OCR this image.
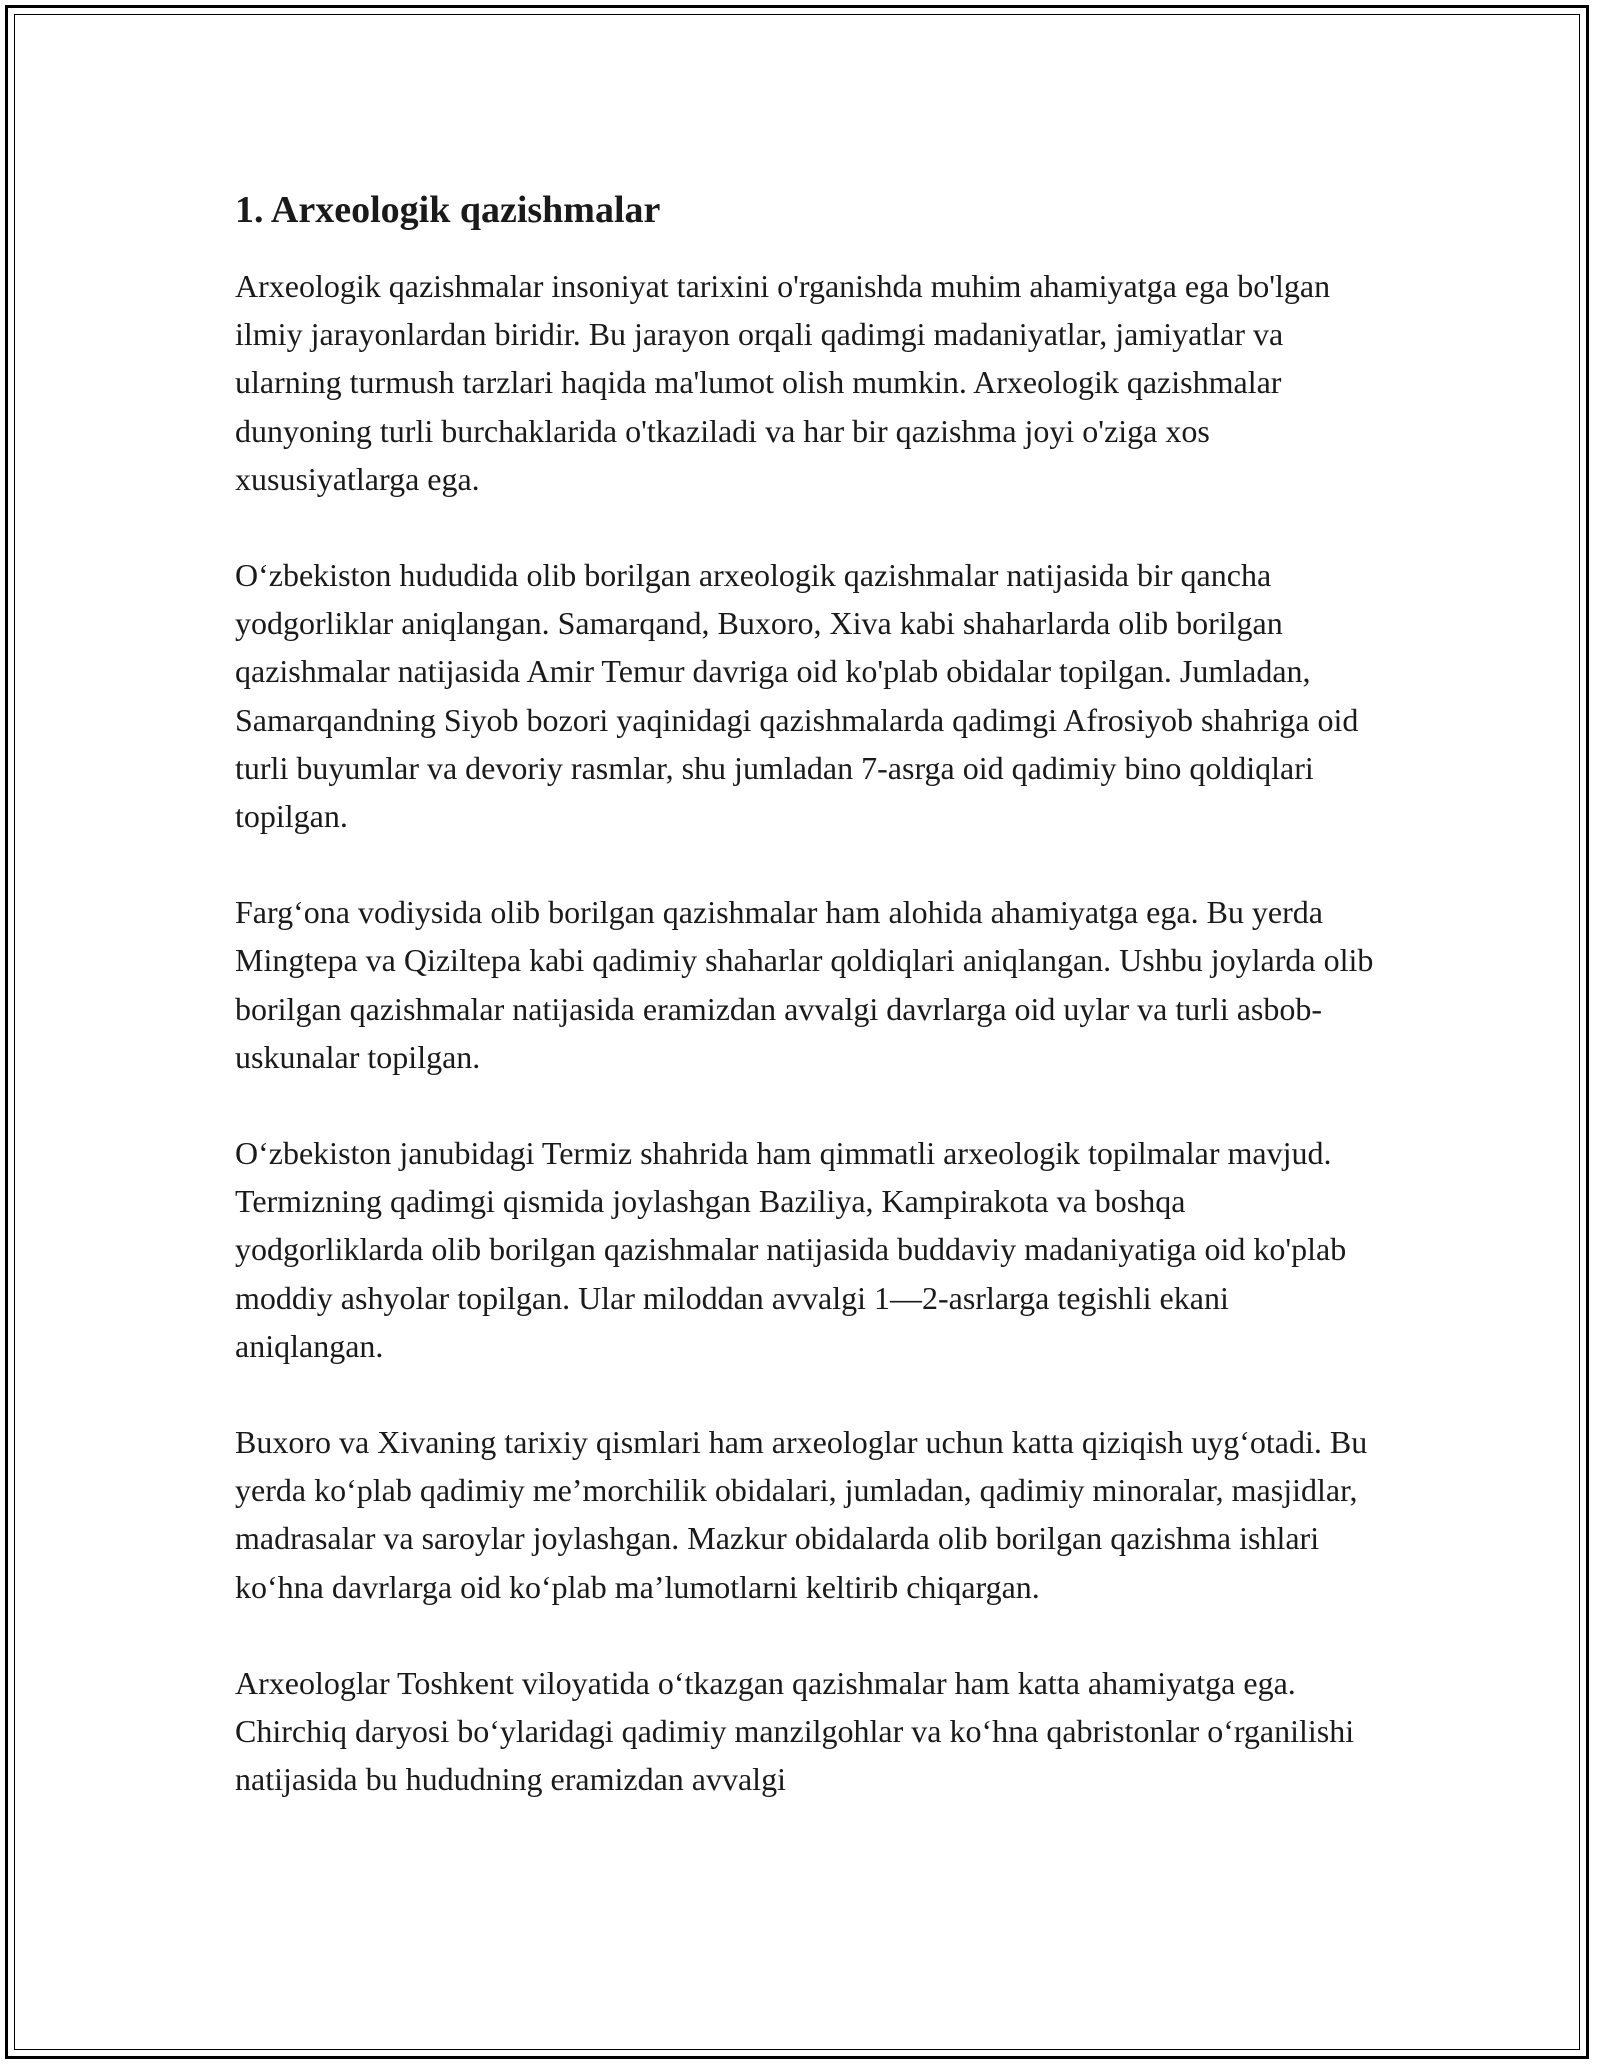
1. Arxeologik qazishmalar

Arxeologik qazishmalar insoniyat tarixini o'rganishda muhim ahamiyatga ega bo'lgan ilmiy jarayonlardan biridir. Bu jarayon orqali qadimgi madaniyatlar, jamiyatlar va ularning turmush tarzlari haqida ma'lumot olish mumkin. Arxeologik qazishmalar dunyoning turli burchaklarida o'tkaziladi va har bir qazishma joyi o'ziga xos xususiyatlarga ega.

O‘zbekiston hududida olib borilgan arxeologik qazishmalar natijasida bir qancha yodgorliklar aniqlangan. Samarqand, Buxoro, Xiva kabi shaharlarda olib borilgan qazishmalar natijasida Amir Temur davriga oid ko'plab obidalar topilgan. Jumladan, Samarqandning Siyob bozori yaqinidagi qazishmalarda qadimgi Afrosiyob shahriga oid turli buyumlar va devoriy rasmlar, shu jumladan 7-asrga oid qadimiy bino qoldiqlari topilgan.

Farg‘ona vodiysida olib borilgan qazishmalar ham alohida ahamiyatga ega. Bu yerda Mingtepa va Qiziltepa kabi qadimiy shaharlar qoldiqlari aniqlangan. Ushbu joylarda olib borilgan qazishmalar natijasida eramizdan avvalgi davrlarga oid uylar va turli asbob-uskunalar topilgan.

O‘zbekiston janubidagi Termiz shahrida ham qimmatli arxeologik topilmalar mavjud. Termizning qadimgi qismida joylashgan Baziliya, Kampirakota va boshqa yodgorliklarda olib borilgan qazishmalar natijasida buddaviy madaniyatiga oid ko'plab moddiy ashyolar topilgan. Ular miloddan avvalgi 1—2-asrlarga tegishli ekani aniqlangan.

Buxoro va Xivaning tarixiy qismlari ham arxeologlar uchun katta qiziqish uyg‘otadi. Bu yerda ko‘plab qadimiy me’morchilik obidalari, jumladan, qadimiy minoralar, masjidlar, madrasalar va saroylar joylashgan. Mazkur obidalarda olib borilgan qazishma ishlari ko‘hna davrlarga oid ko‘plab ma’lumotlarni keltirib chiqargan.

Arxeologlar Toshkent viloyatida o‘tkazgan qazishmalar ham katta ahamiyatga ega. Chirchiq daryosi bo‘ylaridagi qadimiy manzilgohlar va ko‘hna qabristonlar o‘rganilishi natijasida bu hududning eramizdan avvalgi
